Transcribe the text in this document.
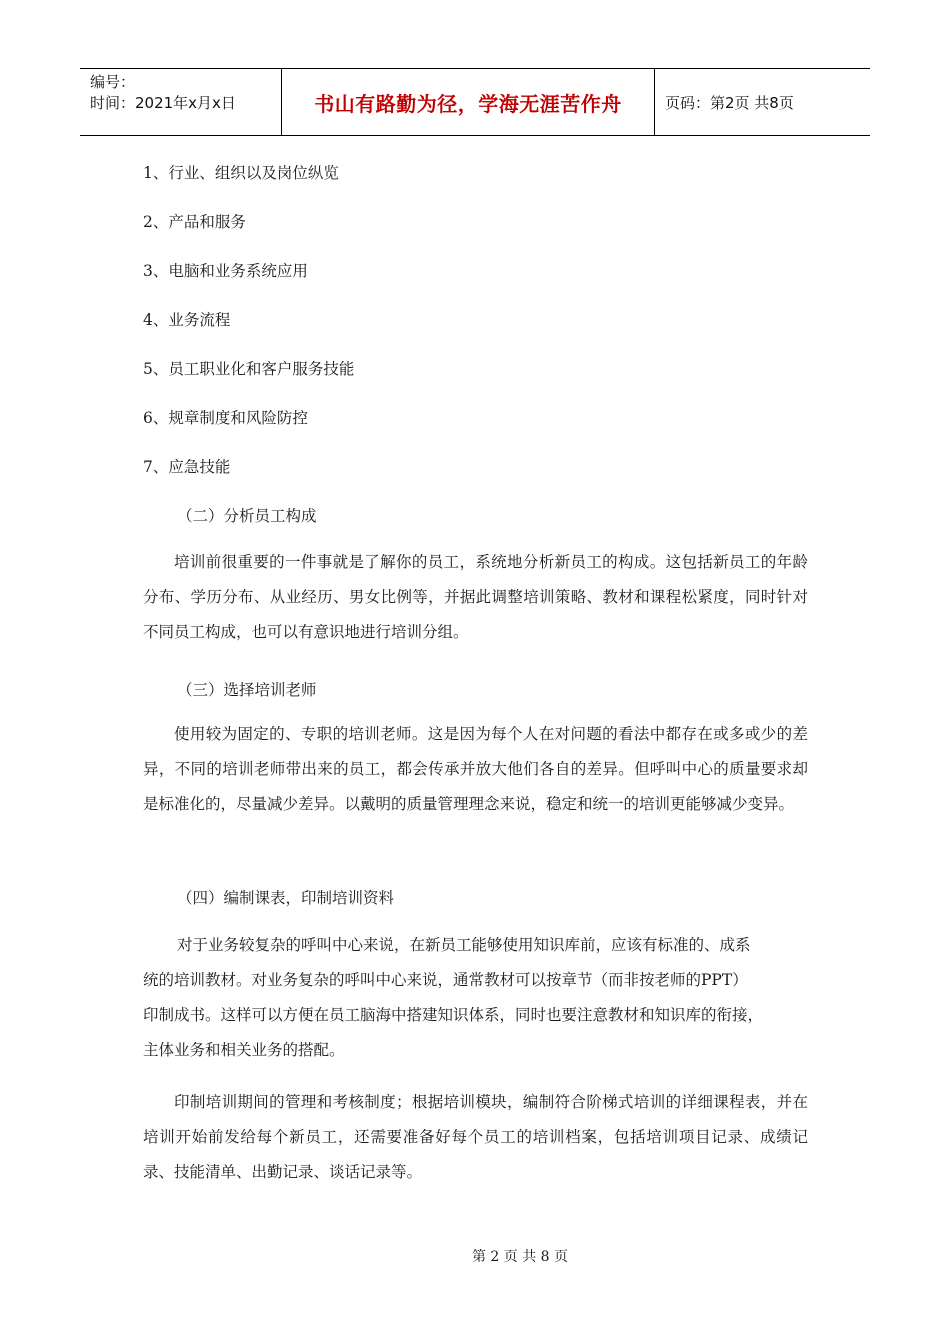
编号：
时间：2021年x月x日	书山有路勤为径，学海无涯苦作舟	页码：第2页 共8页
1、行业、组织以及岗位纵览
2、产品和服务
3、电脑和业务系统应用
4、业务流程
5、员工职业化和客户服务技能
6、规章制度和风险防控
7、应急技能
（二）分析员工构成
培训前很重要的一件事就是了解你的员工，系统地分析新员工的构成。这包括新员工的年龄分布、学历分布、从业经历、男女比例等，并据此调整培训策略、教材和课程松紧度，同时针对不同员工构成，也可以有意识地进行培训分组。
（三）选择培训老师
使用较为固定的、专职的培训老师。这是因为每个人在对问题的看法中都存在或多或少的差异，不同的培训老师带出来的员工，都会传承并放大他们各自的差异。但呼叫中心的质量要求却是标准化的，尽量减少差异。以戴明的质量管理理念来说，稳定和统一的培训更能够减少变异。
（四）编制课表，印制培训资料
对于业务较复杂的呼叫中心来说，在新员工能够使用知识库前，应该有标准的、成系
统的培训教材。对业务复杂的呼叫中心来说，通常教材可以按章节（而非按老师的PPT）
印制成书。这样可以方便在员工脑海中搭建知识体系，同时也要注意教材和知识库的衔接，
主体业务和相关业务的搭配。
印制培训期间的管理和考核制度；根据培训模块，编制符合阶梯式培训的详细课程表，并在培训开始前发给每个新员工，还需要准备好每个员工的培训档案，包括培训项目记录、成绩记录、技能清单、出勤记录、谈话记录等。
第 2 页 共 8 页
